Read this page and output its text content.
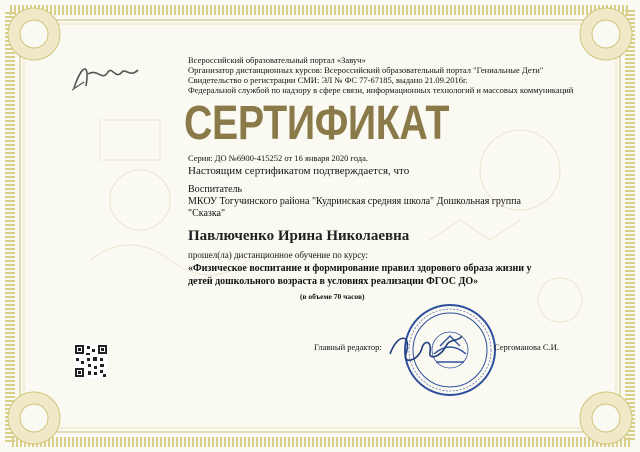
Всероссийский образовательный портал «Завуч»
Организатор дистанционных курсов: Всероссийский образовательный портал "Гениальные Дети"
Свидетельство о регистрации СМИ: ЭЛ № ФС 77-67185, выдано 21.09.2016г.
Федеральной службой по надзору в сфере связи, информационных технологий и массовых коммуникаций
СЕРТИФИКАТ
Серия: ДО №6900-415252 от 16 января 2020 года.
Настоящим сертификатом подтверждается, что
Воспитатель
МКОУ Тогучинского района "Кудринская средняя школа" Дошкольная группа
"Сказка"
Павлюченко Ирина Николаевна
прошел(ла) дистанционное обучение по курсу:
«Физическое воспитание и формирование правил здорового образа жизни у
детей дошкольного возраста в условиях реализации ФГОС ДО»
(в объеме 70 часов)
Главный редактор:	Сергоманова С.И.
